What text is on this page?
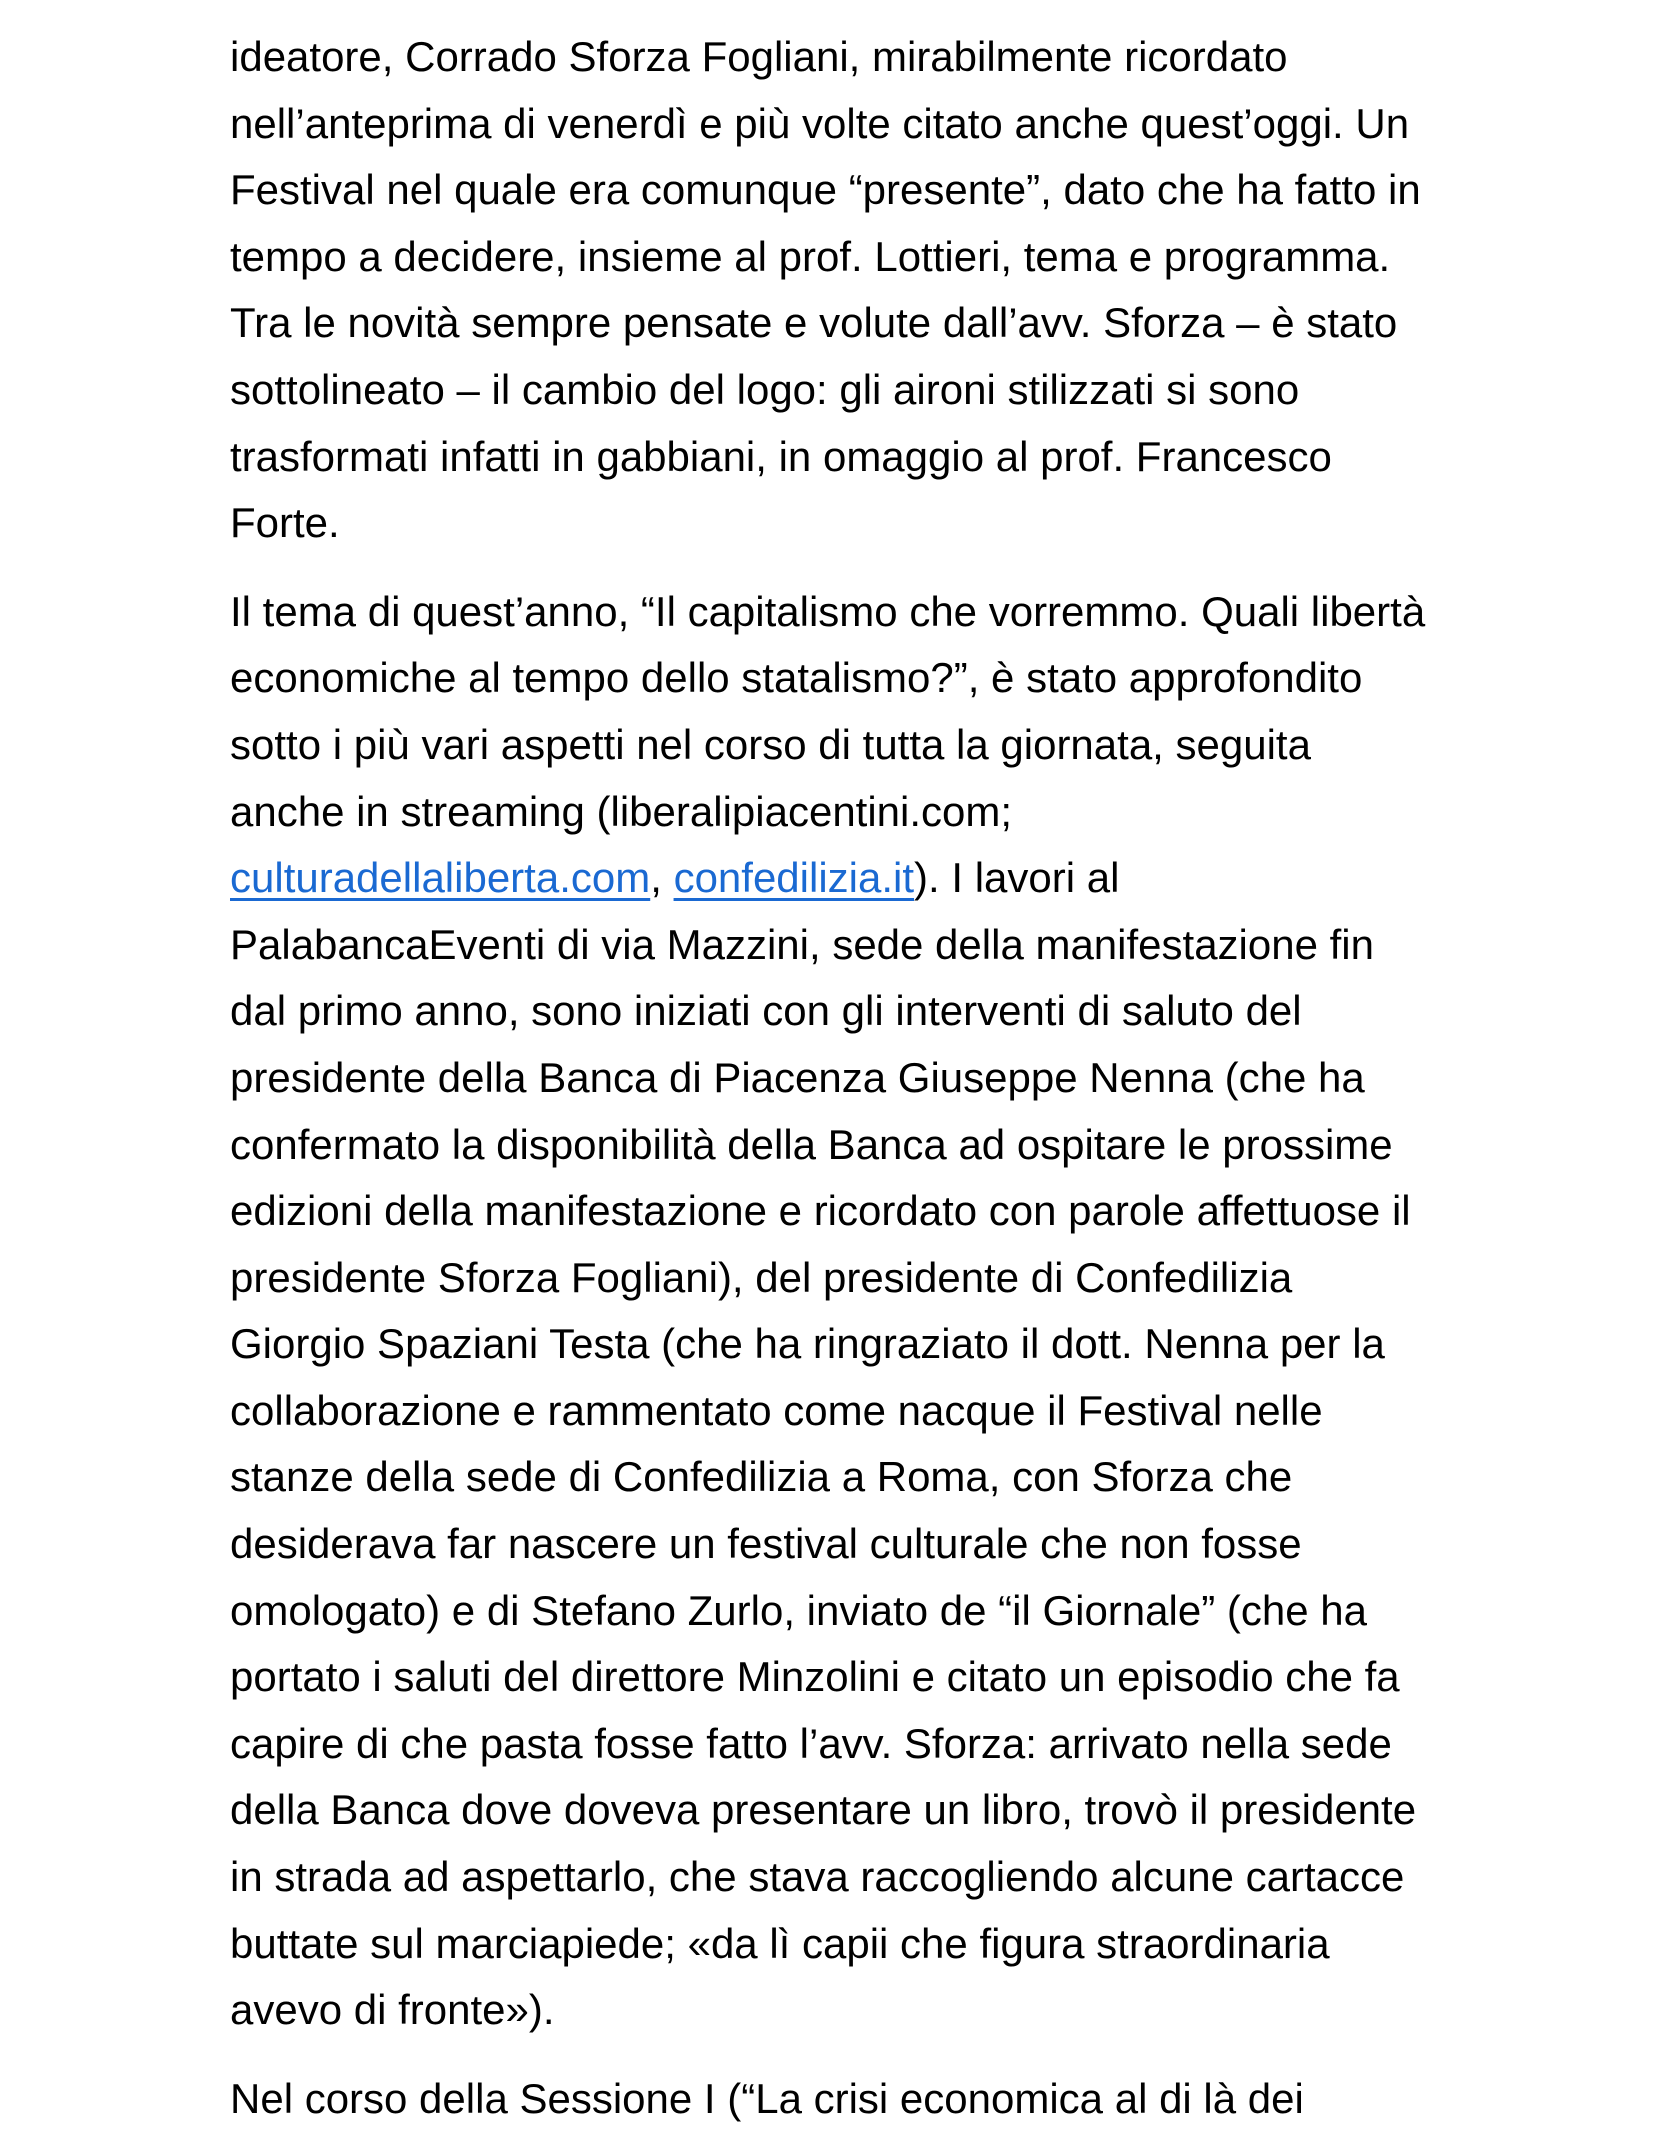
ideatore, Corrado Sforza Fogliani, mirabilmente ricordato
nell’anteprima di venerdì e più volte citato anche quest’oggi. Un
Festival nel quale era comunque “presente”, dato che ha fatto in
tempo a decidere, insieme al prof. Lottieri, tema e programma.
Tra le novità sempre pensate e volute dall’avv. Sforza – è stato
sottolineato – il cambio del logo: gli aironi stilizzati si sono
trasformati infatti in gabbiani, in omaggio al prof. Francesco
Forte.
Il tema di quest’anno, “Il capitalismo che vorremmo. Quali libertà
economiche al tempo dello statalismo?”, è stato approfondito
sotto i più vari aspetti nel corso di tutta la giornata, seguita
anche in streaming (liberalipiacentini.com;
culturadellaliberta.com, confedilizia.it). I lavori al
PalabancaEventi di via Mazzini, sede della manifestazione fin
dal primo anno, sono iniziati con gli interventi di saluto del
presidente della Banca di Piacenza Giuseppe Nenna (che ha
confermato la disponibilità della Banca ad ospitare le prossime
edizioni della manifestazione e ricordato con parole affettuose il
presidente Sforza Fogliani), del presidente di Confedilizia
Giorgio Spaziani Testa (che ha ringraziato il dott. Nenna per la
collaborazione e rammentato come nacque il Festival nelle
stanze della sede di Confedilizia a Roma, con Sforza che
desiderava far nascere un festival culturale che non fosse
omologato) e di Stefano Zurlo, inviato de “il Giornale” (che ha
portato i saluti del direttore Minzolini e citato un episodio che fa
capire di che pasta fosse fatto l’avv. Sforza: arrivato nella sede
della Banca dove doveva presentare un libro, trovò il presidente
in strada ad aspettarlo, che stava raccogliendo alcune cartacce
buttate sul marciapiede; «da lì capii che figura straordinaria
avevo di fronte»).
Nel corso della Sessione I (“La crisi economica al di là dei
